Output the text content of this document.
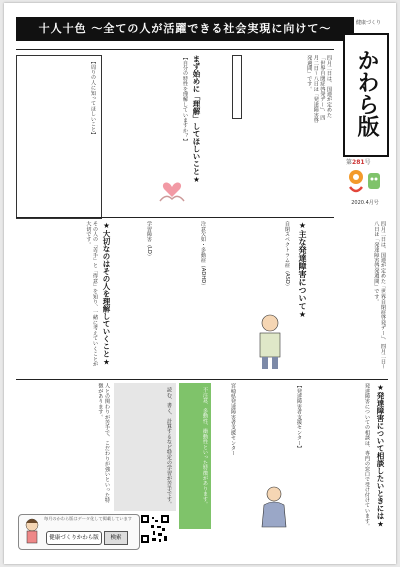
十人十色 〜全ての人が活躍できる社会実現に向けて〜	健康づくり
かわら版
第281号
2020.4月号
四月二日は、国連が定めた「世界自閉症啓発デー」、四月二日〜八日は「発達障害啓発週間」です。
まず始めに「理解」してほしいこと★
【自分の特性を理解していますか？】
【周りの人に知ってほしいこと】
★主な発達障害について★	四月二日は、国連が定めた「世界自閉症啓発デー」、四月二日〜八日は「発達障害啓発週間」です。
自閉スペクトラム症（ASD）
注意欠如・多動症（ADHD）
学習障害（LD）
★大切なのはその人を理解していくこと★
その人の「苦手」と「得意」を知り、一緒に考えていくことが大切です。
★発達障害について相談したいときには★
発達障害についての相談は、専門の窓口で受け付けています。
【発達障害者支援センター】
宮崎県発達障害者支援センター
不注意、多動性、衝動性といった特徴があります。
読む、書く、計算するなど特定の学習が苦手です。
人との関わりが苦手で、こだわりが強いといった特徴があります。
毎月のかわら版はデータ化して掲載しています
健康づくりかわら版	検索
